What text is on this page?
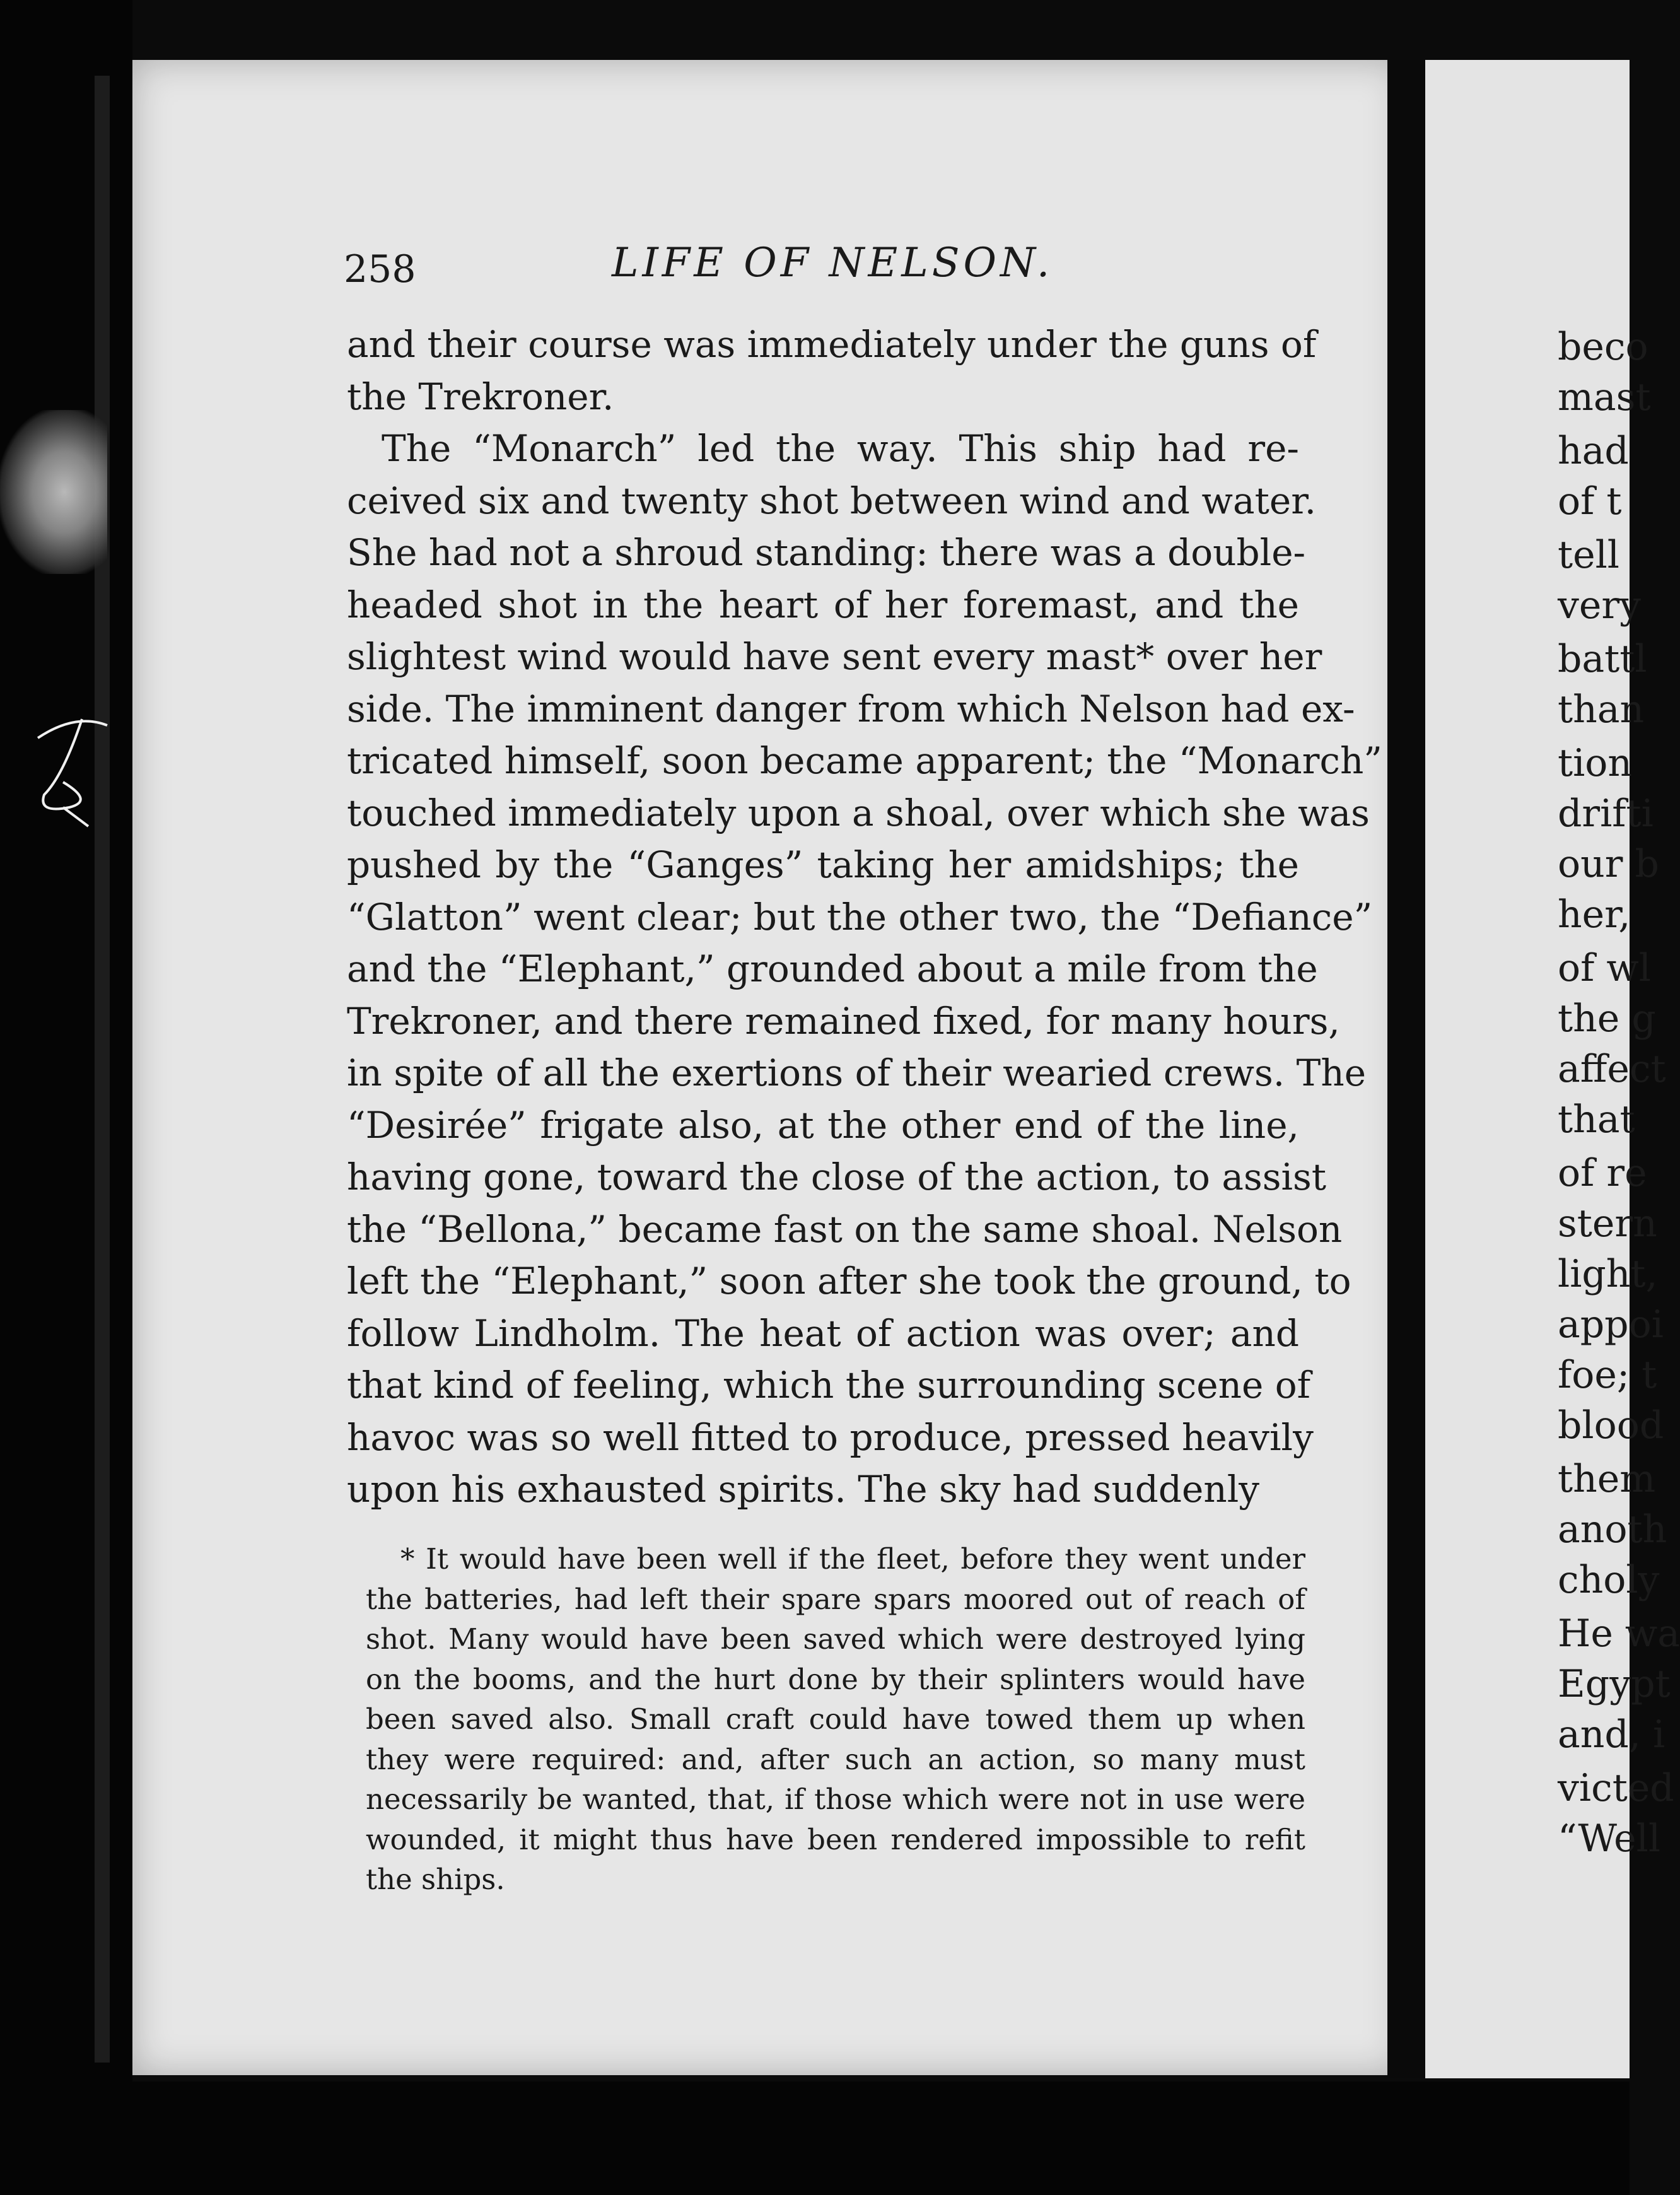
beco
mast
had
of t
tell
very
battl
than
tion
drifti
our b
her,
of wl
the g
affect
that
of re
stern
light,
appoi
foe; t
blood
them
anoth
choly
He wa
Egypt
and, i
victed
“Well
258	LIFE OF NELSON.
and their course was immediately under the guns of
the Trekroner.
The “Monarch” led the way. This ship had re-
ceived six and twenty shot between wind and water.
She had not a shroud standing: there was a double-
headed shot in the heart of her foremast, and the
slightest wind would have sent every mast* over her
side. The imminent danger from which Nelson had ex-
tricated himself, soon became apparent; the “Monarch”
touched immediately upon a shoal, over which she was
pushed by the “Ganges” taking her amidships; the
“Glatton” went clear; but the other two, the “Defiance”
and the “Elephant,” grounded about a mile from the
Trekroner, and there remained fixed, for many hours,
in spite of all the exertions of their wearied crews. The
“Desirée” frigate also, at the other end of the line,
having gone, toward the close of the action, to assist
the “Bellona,” became fast on the same shoal. Nelson
left the “Elephant,” soon after she took the ground, to
follow Lindholm. The heat of action was over; and
that kind of feeling, which the surrounding scene of
havoc was so well fitted to produce, pressed heavily
upon his exhausted spirits. The sky had suddenly
* It would have been well if the fleet, before they went under
the batteries, had left their spare spars moored out of reach of
shot. Many would have been saved which were destroyed lying
on the booms, and the hurt done by their splinters would have
been saved also. Small craft could have towed them up when
they were required: and, after such an action, so many must
necessarily be wanted, that, if those which were not in use were
wounded, it might thus have been rendered impossible to refit
the ships.
